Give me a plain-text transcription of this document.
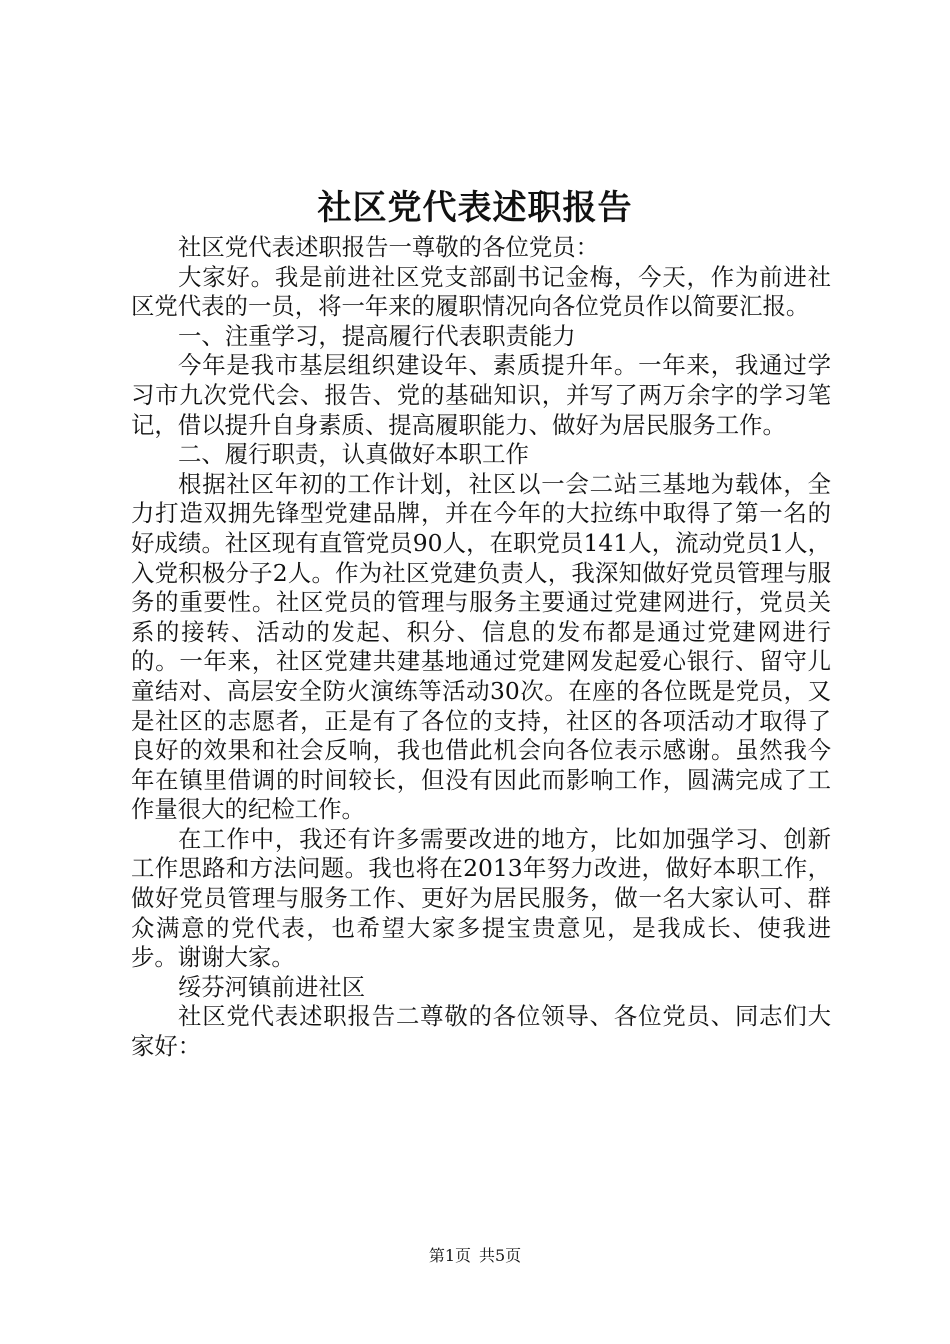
社区党代表述职报告

社区党代表述职报告一尊敬的各位党员：

大家好。我是前进社区党支部副书记金梅，今天，作为前进社区党代表的一员，将一年来的履职情况向各位党员作以简要汇报。

一、注重学习，提高履行代表职责能力

今年是我市基层组织建设年、素质提升年。一年来，我通过学习市九次党代会、报告、党的基础知识，并写了两万余字的学习笔记，借以提升自身素质、提高履职能力、做好为居民服务工作。

二、履行职责，认真做好本职工作

根据社区年初的工作计划，社区以一会二站三基地为载体，全力打造双拥先锋型党建品牌，并在今年的大拉练中取得了第一名的好成绩。社区现有直管党员90人，在职党员141人，流动党员1人，入党积极分子2人。作为社区党建负责人，我深知做好党员管理与服务的重要性。社区党员的管理与服务主要通过党建网进行，党员关系的接转、活动的发起、积分、信息的发布都是通过党建网进行的。一年来，社区党建共建基地通过党建网发起爱心银行、留守儿童结对、高层安全防火演练等活动30次。在座的各位既是党员，又是社区的志愿者，正是有了各位的支持，社区的各项活动才取得了良好的效果和社会反响，我也借此机会向各位表示感谢。虽然我今年在镇里借调的时间较长，但没有因此而影响工作，圆满完成了工作量很大的纪检工作。

在工作中，我还有许多需要改进的地方，比如加强学习、创新工作思路和方法问题。我也将在2013年努力改进，做好本职工作，做好党员管理与服务工作、更好为居民服务，做一名大家认可、群众满意的党代表，也希望大家多提宝贵意见，是我成长、使我进步。谢谢大家。

绥芬河镇前进社区

社区党代表述职报告二尊敬的各位领导、各位党员、同志们大家好：

第1页 共5页
